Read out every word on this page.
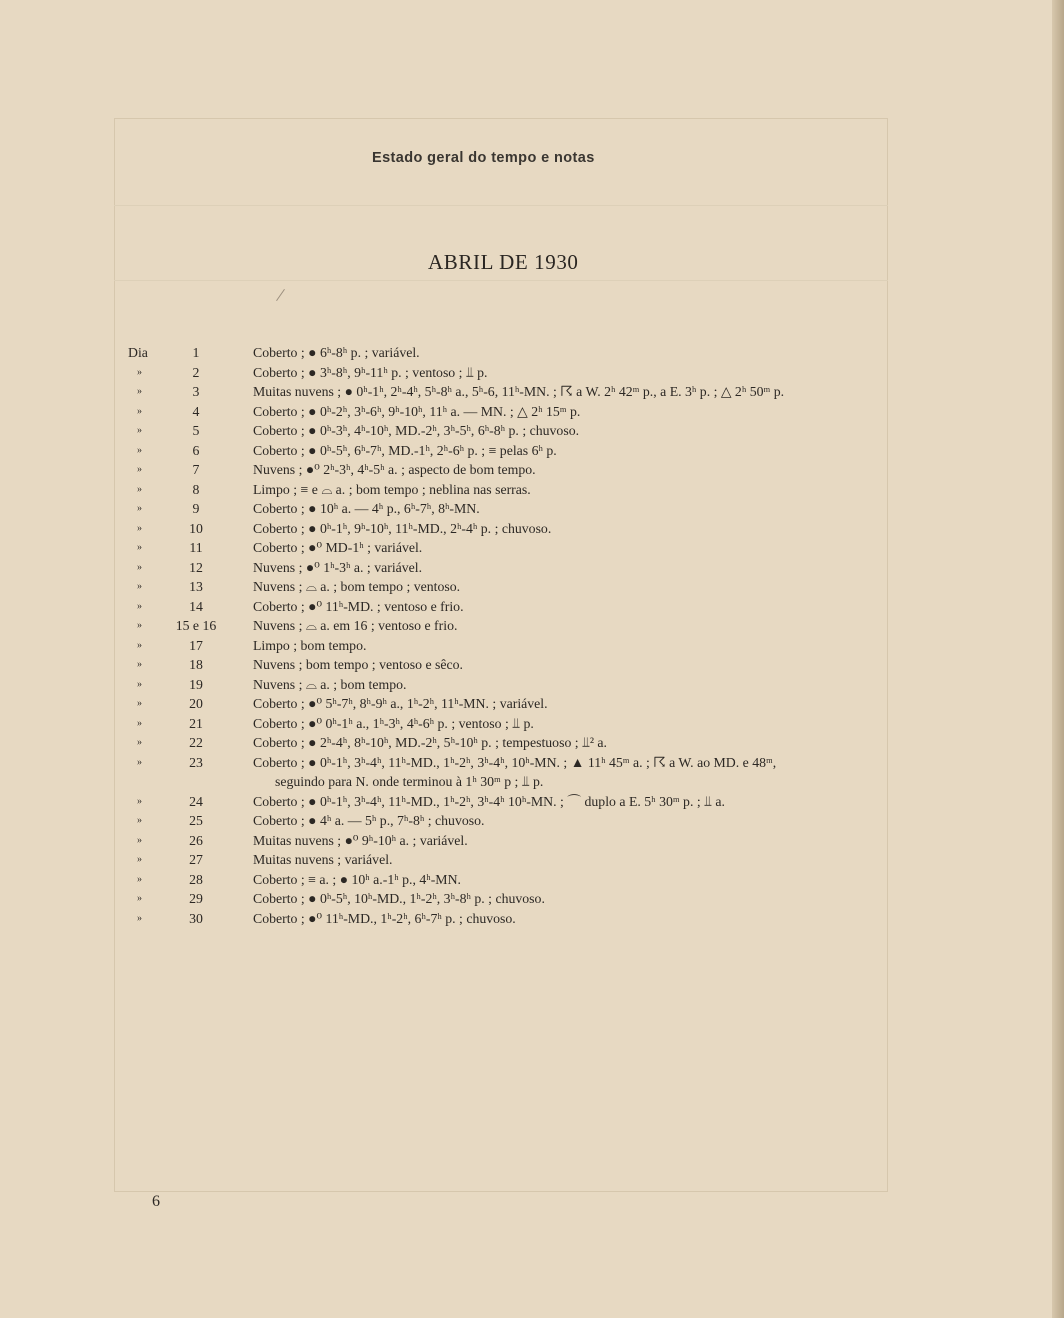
Estado geral do tempo e notas
ABRIL DE 1930
Dia	1	Coberto ; ● 6ʰ-8ʰ p. ; variável.
»	2	Coberto ; ● 3ʰ-8ʰ, 9ʰ-11ʰ p. ; ventoso ; ⫫ p.
»	3	Muitas nuvens ; ● 0ʰ-1ʰ, 2ʰ-4ʰ, 5ʰ-8ʰ a., 5ʰ-6, 11ʰ-MN. ; ☈ a W. 2ʰ 42ᵐ p., a E. 3ʰ p. ; △ 2ʰ 50ᵐ p.
»	4	Coberto ; ● 0ʰ-2ʰ, 3ʰ-6ʰ, 9ʰ-10ʰ, 11ʰ a. — MN. ; △ 2ʰ 15ᵐ p.
»	5	Coberto ; ● 0ʰ-3ʰ, 4ʰ-10ʰ, MD.-2ʰ, 3ʰ-5ʰ, 6ʰ-8ʰ p. ; chuvoso.
»	6	Coberto ; ● 0ʰ-5ʰ, 6ʰ-7ʰ, MD.-1ʰ, 2ʰ-6ʰ p. ; ≡ pelas 6ʰ p.
»	7	Nuvens ; ●⁰ 2ʰ-3ʰ, 4ʰ-5ʰ a. ; aspecto de bom tempo.
»	8	Limpo ; ≡ e ⌓ a. ; bom tempo ; neblina nas serras.
»	9	Coberto ; ● 10ʰ a. — 4ʰ p., 6ʰ-7ʰ, 8ʰ-MN.
»	10	Coberto ; ● 0ʰ-1ʰ, 9ʰ-10ʰ, 11ʰ-MD., 2ʰ-4ʰ p. ; chuvoso.
»	11	Coberto ; ●⁰ MD-1ʰ ; variável.
»	12	Nuvens ; ●⁰ 1ʰ-3ʰ a. ; variável.
»	13	Nuvens ; ⌓ a. ; bom tempo ; ventoso.
»	14	Coberto ; ●⁰ 11ʰ-MD. ; ventoso e frio.
»	15 e 16	Nuvens ; ⌓ a. em 16 ; ventoso e frio.
»	17	Limpo ; bom tempo.
»	18	Nuvens ; bom tempo ; ventoso e sêco.
»	19	Nuvens ; ⌓ a. ; bom tempo.
»	20	Coberto ; ●⁰ 5ʰ-7ʰ, 8ʰ-9ʰ a., 1ʰ-2ʰ, 11ʰ-MN. ; variável.
»	21	Coberto ; ●⁰ 0ʰ-1ʰ a., 1ʰ-3ʰ, 4ʰ-6ʰ p. ; ventoso ; ⫫ p.
»	22	Coberto ; ● 2ʰ-4ʰ, 8ʰ-10ʰ, MD.-2ʰ, 5ʰ-10ʰ p. ; tempestuoso ; ⫫² a.
»	23	Coberto ; ● 0ʰ-1ʰ, 3ʰ-4ʰ, 11ʰ-MD., 1ʰ-2ʰ, 3ʰ-4ʰ, 10ʰ-MN. ; ▲ 11ʰ 45ᵐ a. ; ☈ a W. ao MD. e 48ᵐ,
seguindo para N. onde terminou à 1ʰ 30ᵐ p ; ⫫ p.
»	24	Coberto ; ● 0ʰ-1ʰ, 3ʰ-4ʰ, 11ʰ-MD., 1ʰ-2ʰ, 3ʰ-4ʰ 10ʰ-MN. ; ⌒ duplo a E. 5ʰ 30ᵐ p. ; ⫫ a.
»	25	Coberto ; ● 4ʰ a. — 5ʰ p., 7ʰ-8ʰ ; chuvoso.
»	26	Muitas nuvens ; ●⁰ 9ʰ-10ʰ a. ; variável.
»	27	Muitas nuvens ; variável.
»	28	Coberto ; ≡ a. ; ● 10ʰ a.-1ʰ p., 4ʰ-MN.
»	29	Coberto ; ● 0ʰ-5ʰ, 10ʰ-MD., 1ʰ-2ʰ, 3ʰ-8ʰ p. ; chuvoso.
»	30	Coberto ; ●⁰ 11ʰ-MD., 1ʰ-2ʰ, 6ʰ-7ʰ p. ; chuvoso.
6
